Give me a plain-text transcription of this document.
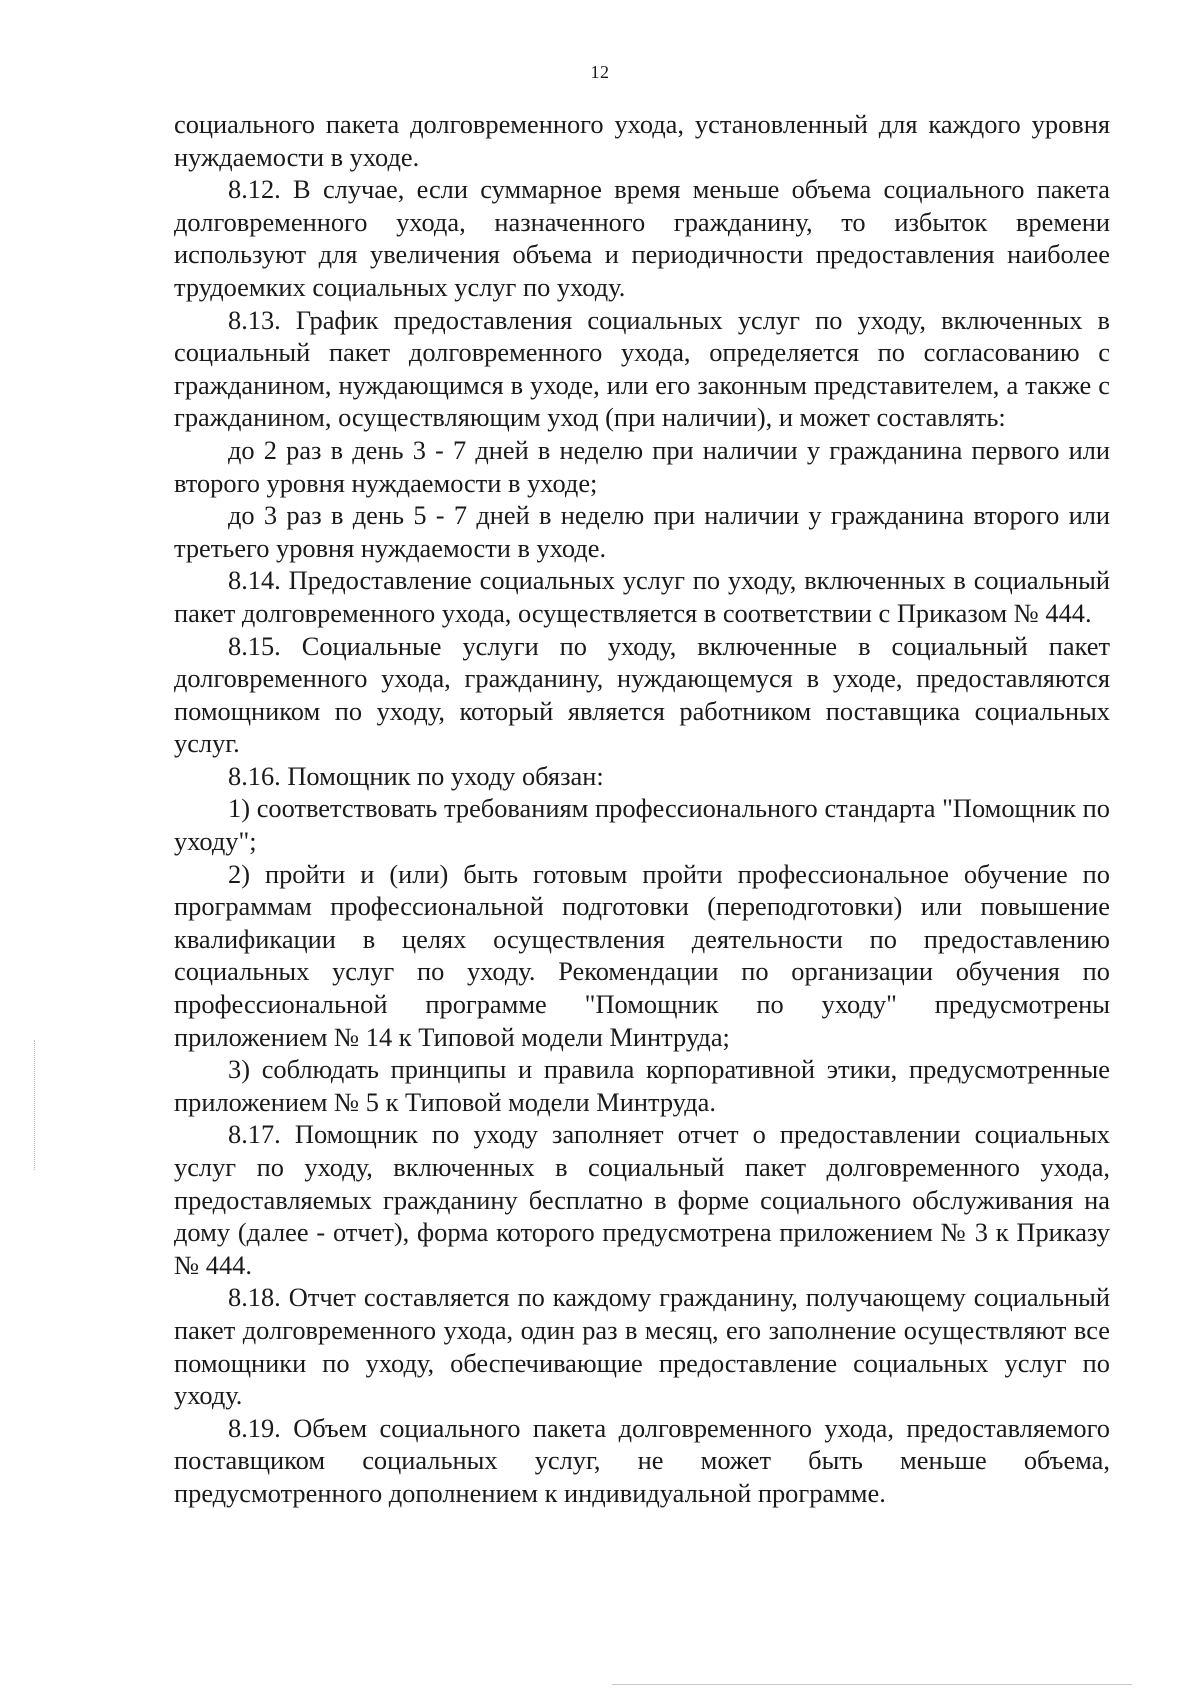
12

социального пакета долговременного ухода, установленный для каждого уровня нуждаемости в уходе.

8.12. В случае, если суммарное время меньше объема социального пакета долговременного ухода, назначенного гражданину, то избыток времени используют для увеличения объема и периодичности предоставления наиболее трудоемких социальных услуг по уходу.

8.13. График предоставления социальных услуг по уходу, включенных в социальный пакет долговременного ухода, определяется по согласованию с гражданином, нуждающимся в уходе, или его законным представителем, а также с гражданином, осуществляющим уход (при наличии), и может составлять:

до 2 раз в день 3 - 7 дней в неделю при наличии у гражданина первого или второго уровня нуждаемости в уходе;

до 3 раз в день 5 - 7 дней в неделю при наличии у гражданина второго или третьего уровня нуждаемости в уходе.

8.14. Предоставление социальных услуг по уходу, включенных в социальный пакет долговременного ухода, осуществляется в соответствии с Приказом № 444.

8.15. Социальные услуги по уходу, включенные в социальный пакет долговременного ухода, гражданину, нуждающемуся в уходе, предоставляются помощником по уходу, который является работником поставщика социальных услуг.

8.16. Помощник по уходу обязан:

1) соответствовать требованиям профессионального стандарта "Помощник по уходу";

2) пройти и (или) быть готовым пройти профессиональное обучение по программам профессиональной подготовки (переподготовки) или повышение квалификации в целях осуществления деятельности по предоставлению социальных услуг по уходу. Рекомендации по организации обучения по профессиональной программе "Помощник по уходу" предусмотрены приложением № 14 к Типовой модели Минтруда;

3) соблюдать принципы и правила корпоративной этики, предусмотренные приложением № 5 к Типовой модели Минтруда.

8.17. Помощник по уходу заполняет отчет о предоставлении социальных услуг по уходу, включенных в социальный пакет долговременного ухода, предоставляемых гражданину бесплатно в форме социального обслуживания на дому (далее - отчет), форма которого предусмотрена приложением № 3 к Приказу № 444.

8.18. Отчет составляется по каждому гражданину, получающему социальный пакет долговременного ухода, один раз в месяц, его заполнение осуществляют все помощники по уходу, обеспечивающие предоставление социальных услуг по уходу.

8.19. Объем социального пакета долговременного ухода, предоставляемого поставщиком социальных услуг, не может быть меньше объема, предусмотренного дополнением к индивидуальной программе.
